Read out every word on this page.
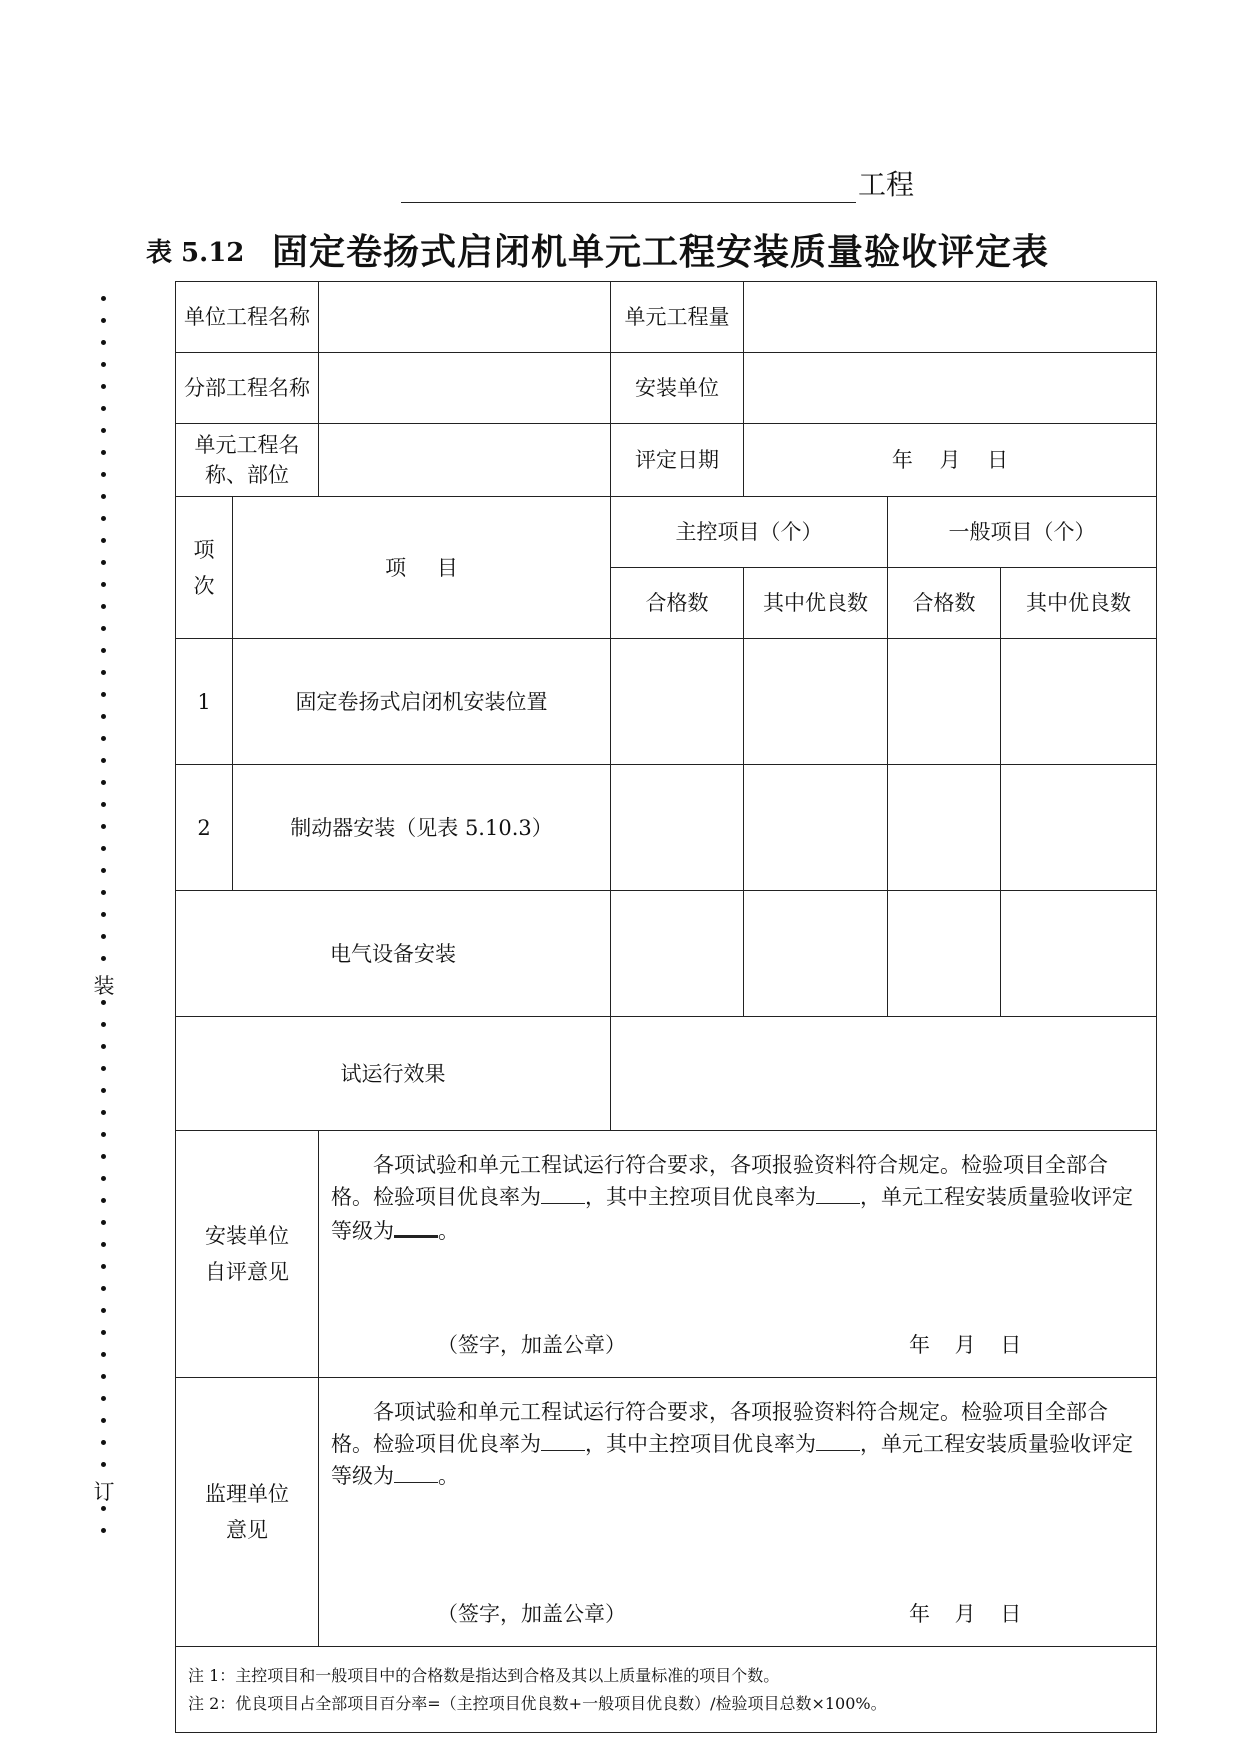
工程
表 5.12 固定卷扬式启闭机单元工程安装质量验收评定表
装
订
单位工程名称			单元工程量			
分部工程名称			安装单位			
单元工程名称、部位			评定日期	年 月 日		
项次	项 目		主控项目（个）		一般项目（个）	
			合格数	其中优良数	合格数	其中优良数
1	固定卷扬式启闭机安装位置					
2	制动器安装（见表 5.10.3）					
电气设备安装						
试运行效果						
安装单位自评意见		各项试验和单元工程试运行符合要求，各项报验资料符合规定。检验项目全部合格。检验项目优良率为 ，其中主控项目优良率为 ，单元工程安装质量验收评定等级为 。
（签字，加盖公章） 年 月 日				

监理单位意见		各项试验和单元工程试运行符合要求，各项报验资料符合规定。检验项目全部合格。检验项目优良率为 ，其中主控项目优良率为 ，单元工程安装质量验收评定等级为 。
（签字，加盖公章） 年 月 日				

注 1：主控项目和一般项目中的合格数是指达到合格及其以上质量标准的项目个数。
注 2：优良项目占全部项目百分率=（主控项目优良数+一般项目优良数）/检验项目总数×100%。						
